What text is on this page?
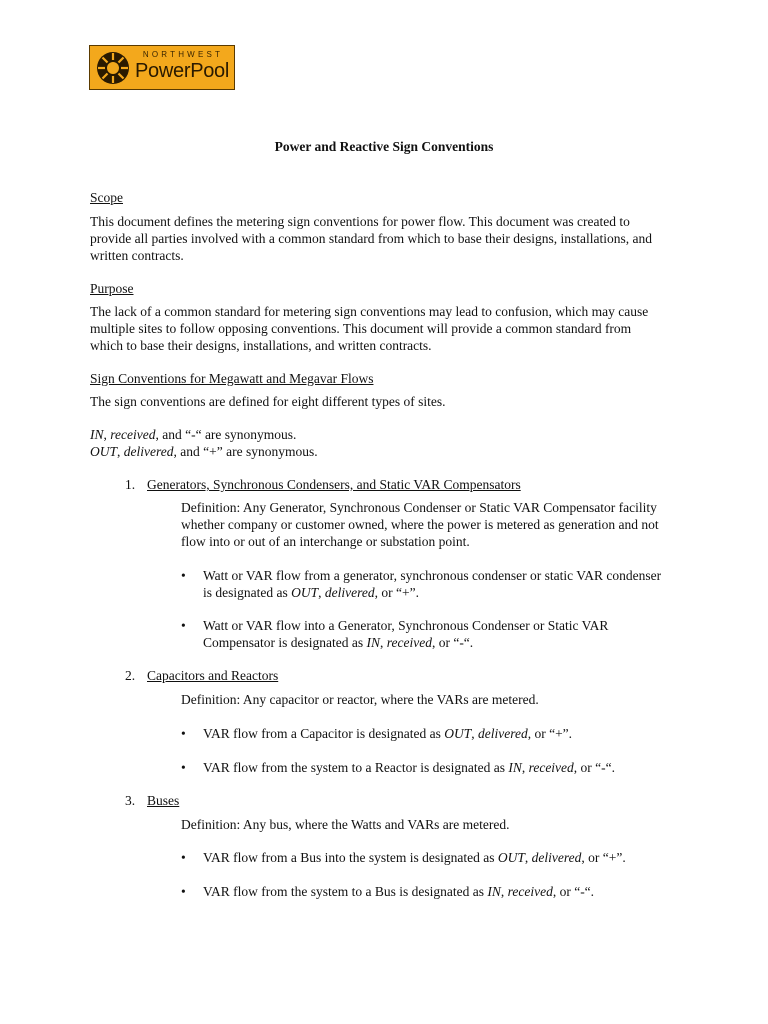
NORTHWEST
PowerPool
Power and Reactive Sign Conventions
Scope
This document defines the metering sign conventions for power flow. This document was created to
provide all parties involved with a common standard from which to base their designs, installations, and
written contracts.
Purpose
The lack of a common standard for metering sign conventions may lead to confusion, which may cause
multiple sites to follow opposing conventions. This document will provide a common standard from
which to base their designs, installations, and written contracts.
Sign Conventions for Megawatt and Megavar Flows
The sign conventions are defined for eight different types of sites.
IN, received, and “-“ are synonymous.
OUT, delivered, and “+” are synonymous.
1. Generators, Synchronous Condensers, and Static VAR Compensators
Definition: Any Generator, Synchronous Condenser or Static VAR Compensator facility
whether company or customer owned, where the power is metered as generation and not
flow into or out of an interchange or substation point.
•	Watt or VAR flow from a generator, synchronous condenser or static VAR condenser
is designated as OUT, delivered, or “+”.
•	Watt or VAR flow into a Generator, Synchronous Condenser or Static VAR
Compensator is designated as IN, received, or “-“.
2. Capacitors and Reactors
Definition: Any capacitor or reactor, where the VARs are metered.
•	VAR flow from a Capacitor is designated as OUT, delivered, or “+”.
•	VAR flow from the system to a Reactor is designated as IN, received, or “-“.
3. Buses
Definition: Any bus, where the Watts and VARs are metered.
•	VAR flow from a Bus into the system is designated as OUT, delivered, or “+”.
•	VAR flow from the system to a Bus is designated as IN, received, or “-“.
